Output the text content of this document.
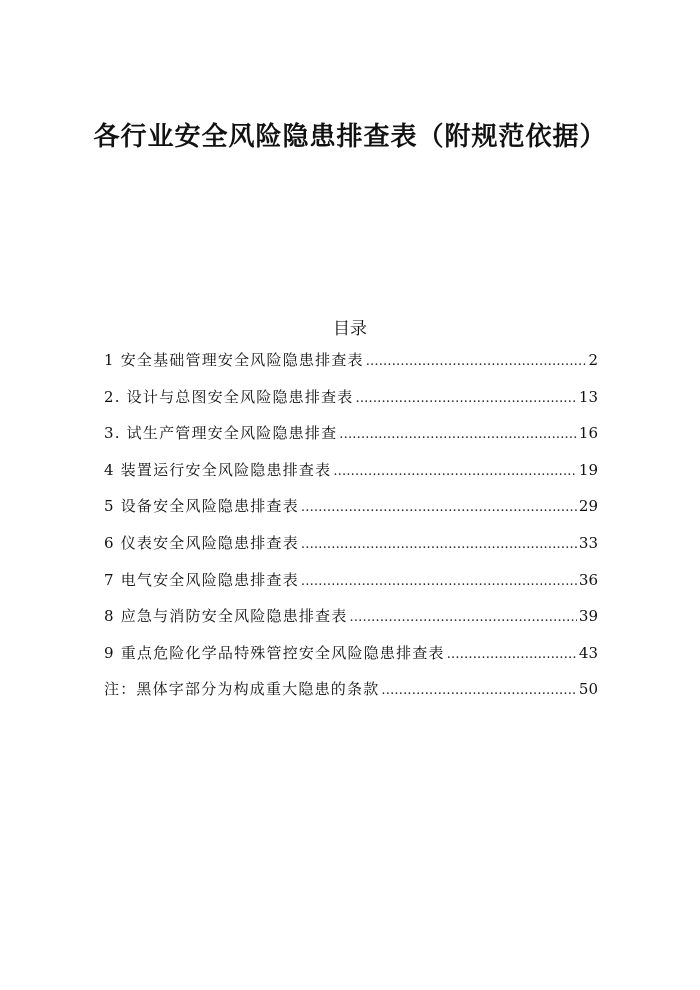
各行业安全风险隐患排查表（附规范依据）
目录
1 安全基础管理安全风险隐患排查表 .....	2
2. 设计与总图安全风险隐患排查表 .....	13
3. 试生产管理安全风险隐患排查 .....	16
4 装置运行安全风险隐患排查表 .....	19
5 设备安全风险隐患排查表 .....	29
6 仪表安全风险隐患排查表 .....	33
7 电气安全风险隐患排查表 .....	36
8 应急与消防安全风险隐患排查表 .....	39
9 重点危险化学品特殊管控安全风险隐患排查表 .....	43
注：黑体字部分为构成重大隐患的条款 .....	50
